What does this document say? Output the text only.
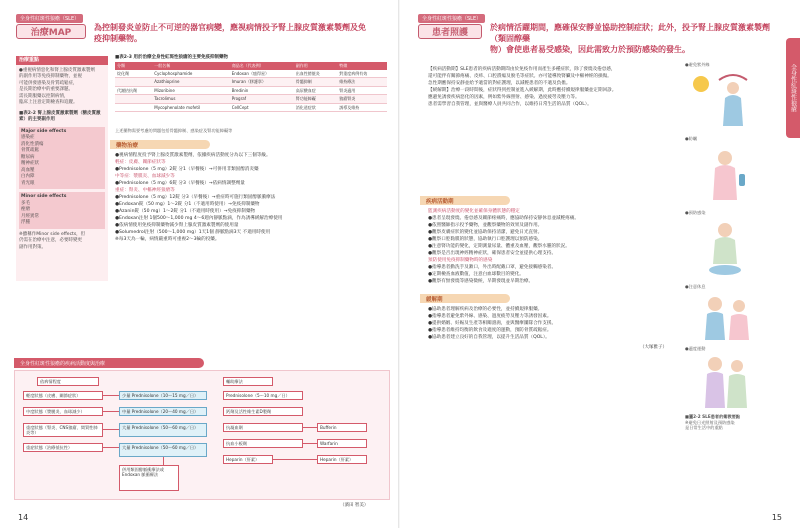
全身性紅斑性狼瘡（SLE）
治療MAP
為控制發炎並防止不可逆的器官病變，應視病情投予腎上腺皮質激素製劑及免
疫抑制藥物。
治療重點
●重視病情惡化和腎上腺皮質激素製劑
的副作用等免疫抑制藥物，並視
可能併發感染及骨質疏鬆症，
是長期治療中的重要課題。
需長期服藥以控制病情，
臨床上注意定期檢查和追蹤。
■表2-2 腎上腺皮質激素製劑（糖皮質激素）的主要副作用
Major side effects
感染症
消化性潰瘍
骨質疏鬆
糖尿病
精神症狀
高血壓
白內障
青光眼
Minor side effects
多毛
痤瘡
月經異常
浮腫
※雖稱作Minor side effects，但
仍需在治療中注意，必要時變更
副作用對策。
■表2-3 用於治療全身性紅斑性狼瘡的主要免疫抑制藥物
分類	一般名稱	商品名（代表例）	副作用	特徵
烷化劑	Cyclophosphamide	Endoxan（癌得星）	出血性膀胱炎	對重度病例有效
	Azathioprine	Imuran（移護寧）	骨髓抑制	維持療法
代謝拮抗劑	Mizoribine	Bredinin	高尿酸血症	腎炎適用
	Tacrolimus	Prograf	腎功能障礙	狼瘡腎炎
	Mycophenolate mofetil	CellCept	消化道症狀	誘導及維持
上述藥物需要考慮的問題包括骨髓抑制、感染症及腎功能障礙等
藥物治療
●視病情程度投予腎上腺皮質激素製劑，依據疾病活動度分為以下三個等級。
輕症：皮膚、關節症狀等
●Prednisolone（5 mg）2錠 分1（早餐後）→可併用非類固醇消炎藥
中等症：漿膜炎、血球減少等
●Prednisolone（5 mg）6錠 分3（早餐後）→依病情調整劑量
重症：腎炎、中樞神經狼瘡等
●Prednisolone（5 mg）12錠 分3（早餐後）→重症時可施行類固醇脈衝療法
●Endoxan錠（50 mg）1～2錠 分1（不適用時使用）→免疫抑制藥物
●Azanin錠（50 mg）1～2錠 分1（不適用時使用）→免疫抑制藥物
●Endoxan注射 1個500～1,000 mg 4～6週內靜脈點滴，作為誘導緩解治療使用
●依病情使用免疫抑制藥物減少腎上腺皮質激素製劑的使用量
●Solumedrol注射（500～1,000 mg）1天1個 靜脈點滴3天 不適用時使用
※每3天為一輪，病情嚴重時可重複2～3輪的投藥。
全身性紅斑性狼瘡的疾病活動度與治療
依病情程度	輔助療法
輕度狀態（皮膚、關節症狀）
中度狀態（漿膜炎、血球減少）
重度狀態（腎炎、CNS狼瘡、間質性肺炎等）
重症狀態（治療抵抗性）
少量 Prednisolone（10～15 mg／日）
中量 Prednisolone（20～40 mg／日）
大量 Prednisolone（50～60 mg／日）
大量 Prednisolone（50～60 mg／日）
併用類固醇脈衝療法或 Endoxan 脈衝療法
Prednisolone（5～10 mg／日）
鈣劑及活性維生素D製劑
抗凝血劑
抗血小板劑
Heparin（肝素）
Bufferin
Warfarin
Heparin（肝素）
（濱田 智美）
14
全身性紅斑性狼瘡（SLE）
患者照護
於病情活躍期間，應確保安靜並協助控制症狀；此外，投予腎上腺皮質激素製劑（類固醇藥
物）會使患者易受感染，因此需致力於預防感染的發生。
全身性紅斑性狼瘡
【疾病活動期】SLE患者的疾病活動期間由於免疫作用而產生多種症狀，除了發燒及倦怠感，
還可能伴有關節疼痛、皮疹、口腔潰瘍及脫毛等症狀。亦可能導致腎臟及中樞神經的損傷。
急性期應保持安靜並給予適當的對症護理，以減輕患者的不適及負擔。
【緩解期】治療一段時間後，症狀得到控制並進入緩解期，此時應持續規律服藥並定期回診。
應避免誘發疾病惡化的因素，例如紫外線照射、感染、過度疲勞及壓力等。
患者需學習自我管理，並與醫療人員共同合作，以維持日常生活的品質（QOL）。
疾病活動期
監測疾病活動度的變化並確保身體狀態的穩定
●患者呈現發燒、倦怠感及關節疼痛時，應協助保持安靜休息並減輕疼痛。
●依照醫師指示投予藥物，並觀察藥物的效果及副作用。
●觀察皮膚症狀的變化並協助保持清潔，避免日光直射。
●觀察口腔黏膜的狀態，協助執行口腔護理以預防感染。
●注意腎功能的變化，定期測量尿量、體重及血壓，觀察水腫的狀況。
●觀察是否出現神經精神症狀，確保患者安全並提供心理支持。
預防使用免疫抑制藥物時的感染
●指導患者勤洗手及漱口，外出時配戴口罩，避免接觸感染者。
●定期檢查血液數值，注意白血球數目的變化。
●觀察有無發燒等感染徵候，早期發現並早期治療。
緩解期
●協助患者理解疾病及治療的必要性，並持續規律服藥。
●指導患者避免紫外線、感染、過度疲勞及壓力等誘發因素。
●提供婚姻、妊娠及生產等相關諮詢，並與醫療團隊合作支援。
●指導患者維持均衡的飲食及適度的運動，預防骨質疏鬆症。
●協助患者建立良好的自我管理，以提升生活品質（QOL）。
（大塚雅子）
●避免紫外線
●防曬
●預防感染
●注意休息
●適度運動
■圖2-2 SLE患者的衛教要點
※避免日光照射及預防感染
是日常生活中的重點
15
